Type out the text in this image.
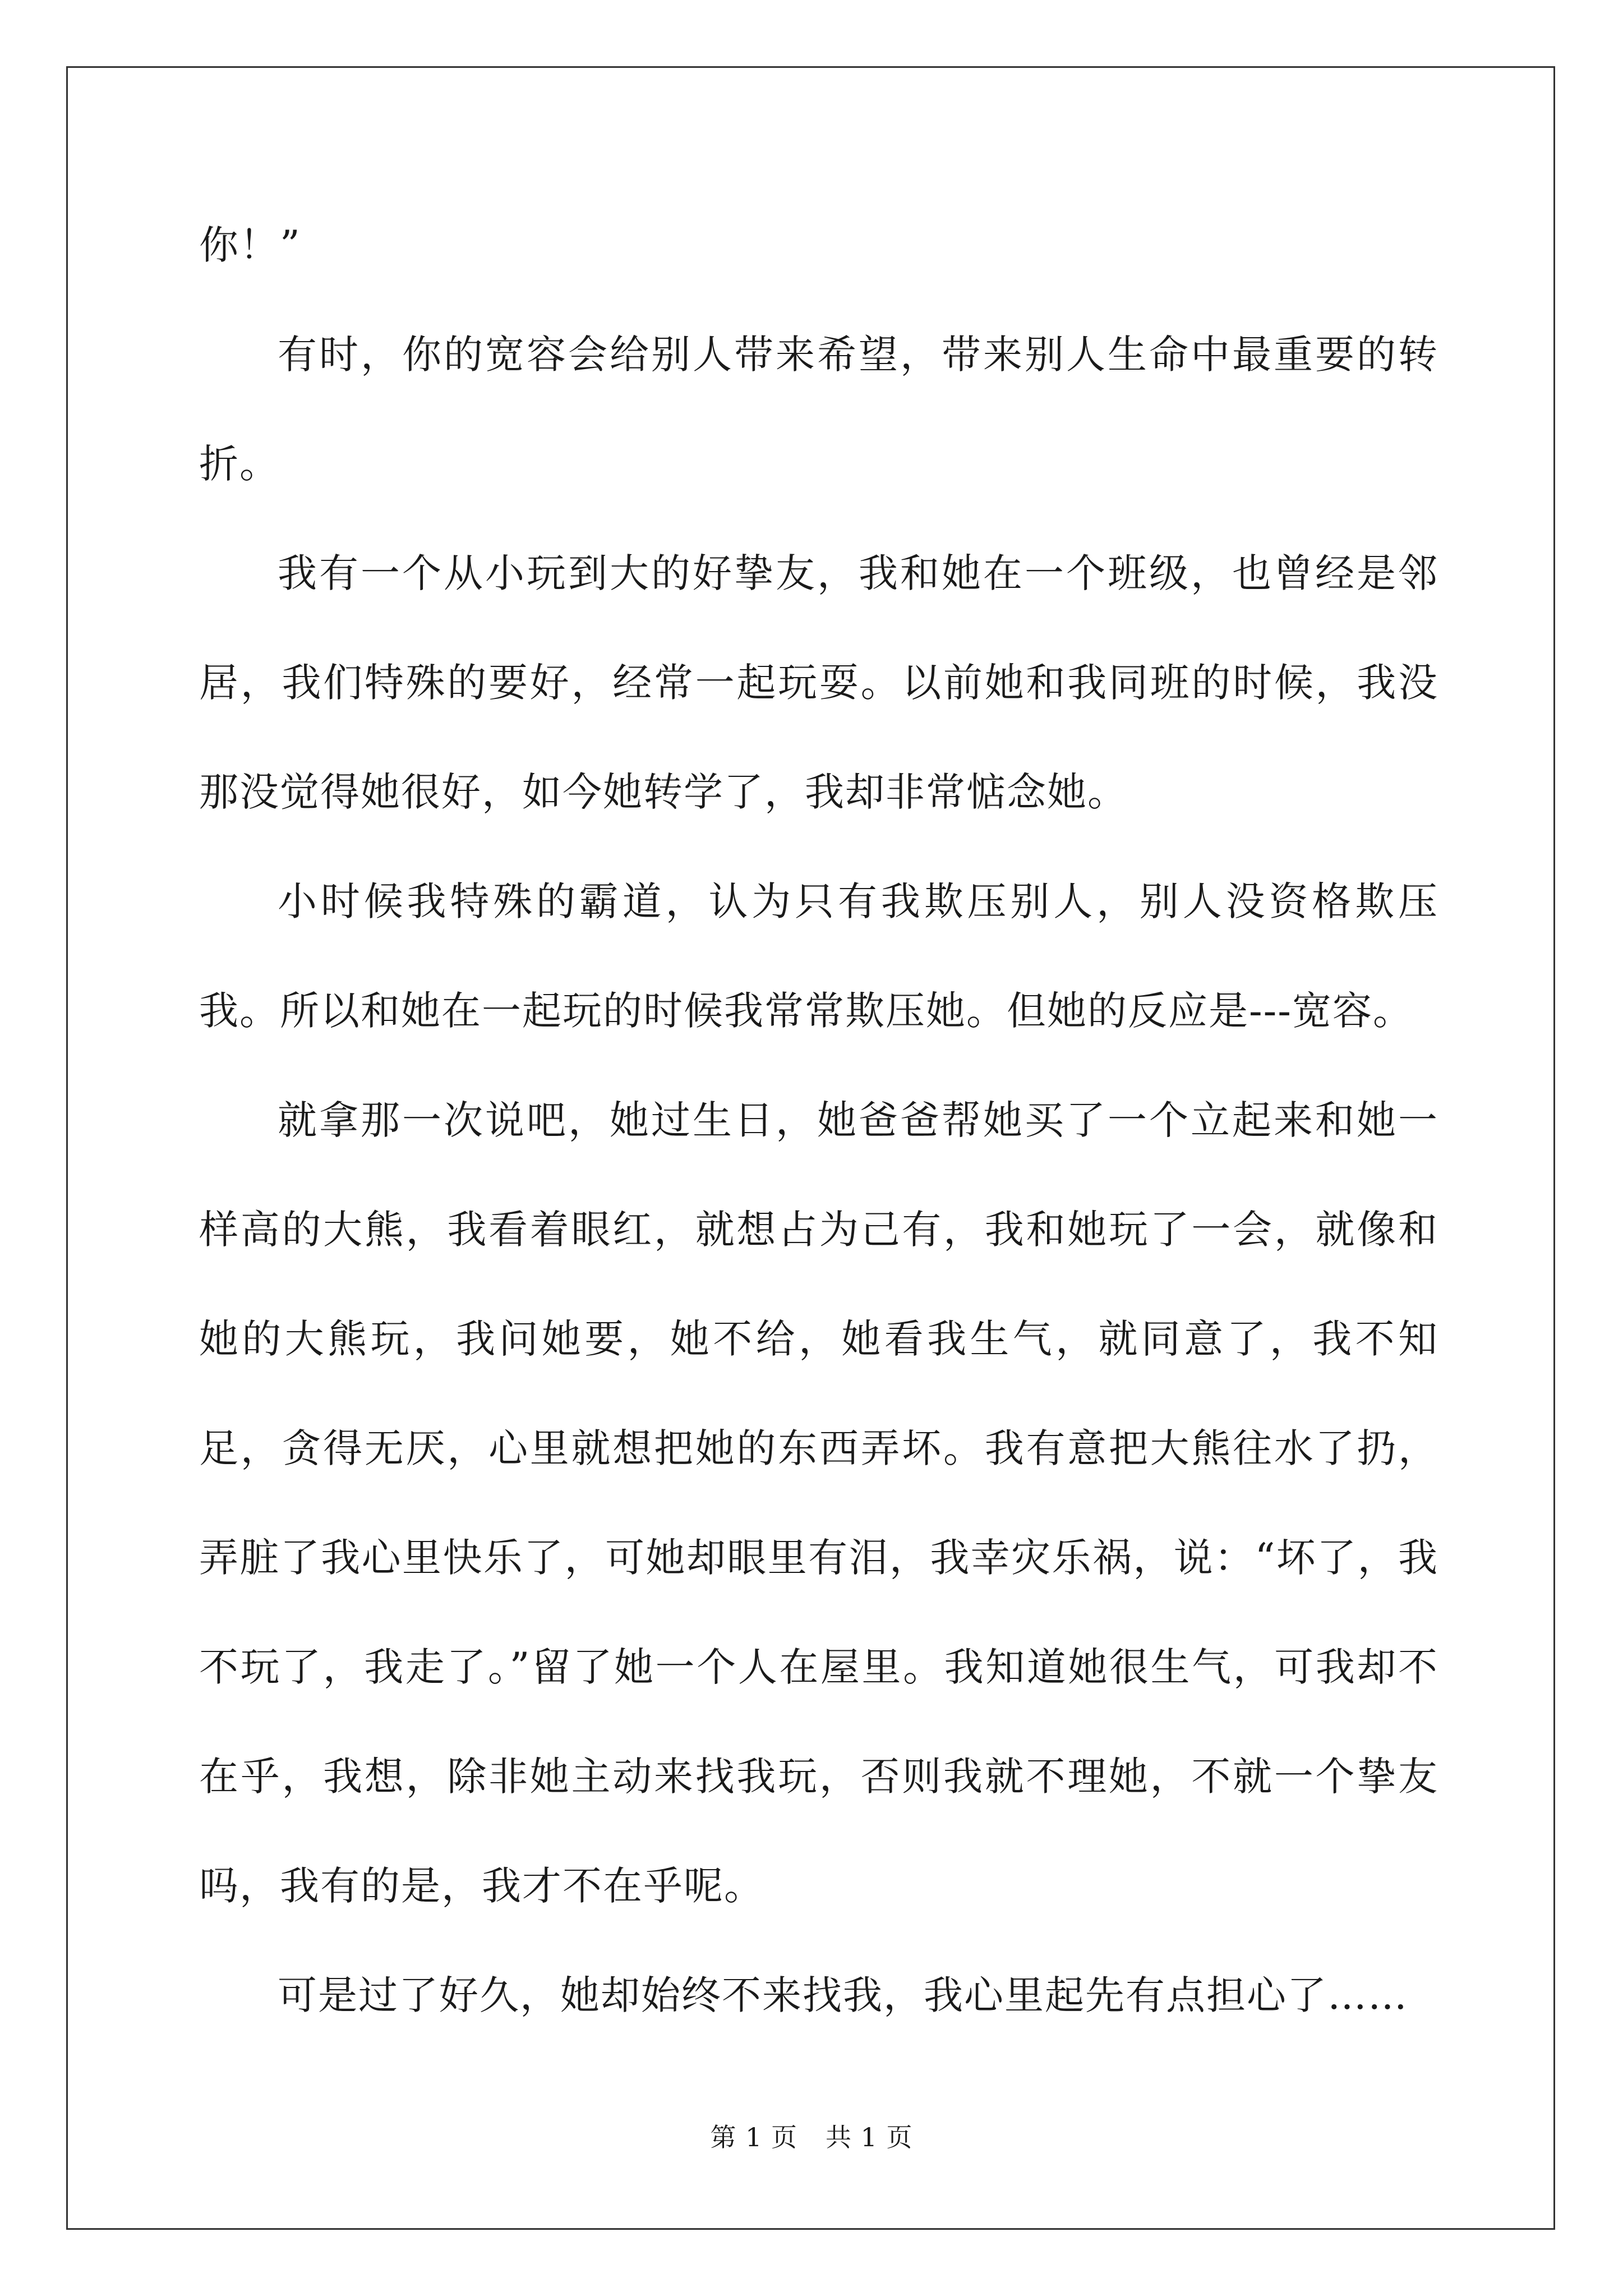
你！”

有时，你的宽容会给别人带来希望，带来别人生命中最重要的转折。

我有一个从小玩到大的好挚友，我和她在一个班级，也曾经是邻居，我们特殊的要好，经常一起玩耍。以前她和我同班的时候，我没那没觉得她很好，如今她转学了，我却非常惦念她。

小时候我特殊的霸道，认为只有我欺压别人，别人没资格欺压我。所以和她在一起玩的时候我常常欺压她。但她的反应是---宽容。

就拿那一次说吧，她过生日，她爸爸帮她买了一个立起来和她一样高的大熊，我看着眼红，就想占为己有，我和她玩了一会，就像和她的大熊玩，我问她要，她不给，她看我生气，就同意了，我不知足，贪得无厌，心里就想把她的东西弄坏。我有意把大熊往水了扔，弄脏了我心里快乐了，可她却眼里有泪，我幸灾乐祸，说：“坏了，我不玩了，我走了。”留了她一个人在屋里。我知道她很生气，可我却不在乎，我想，除非她主动来找我玩，否则我就不理她，不就一个挚友吗，我有的是，我才不在乎呢。

可是过了好久，她却始终不来找我，我心里起先有点担心了……

第 1 页 共 1 页
